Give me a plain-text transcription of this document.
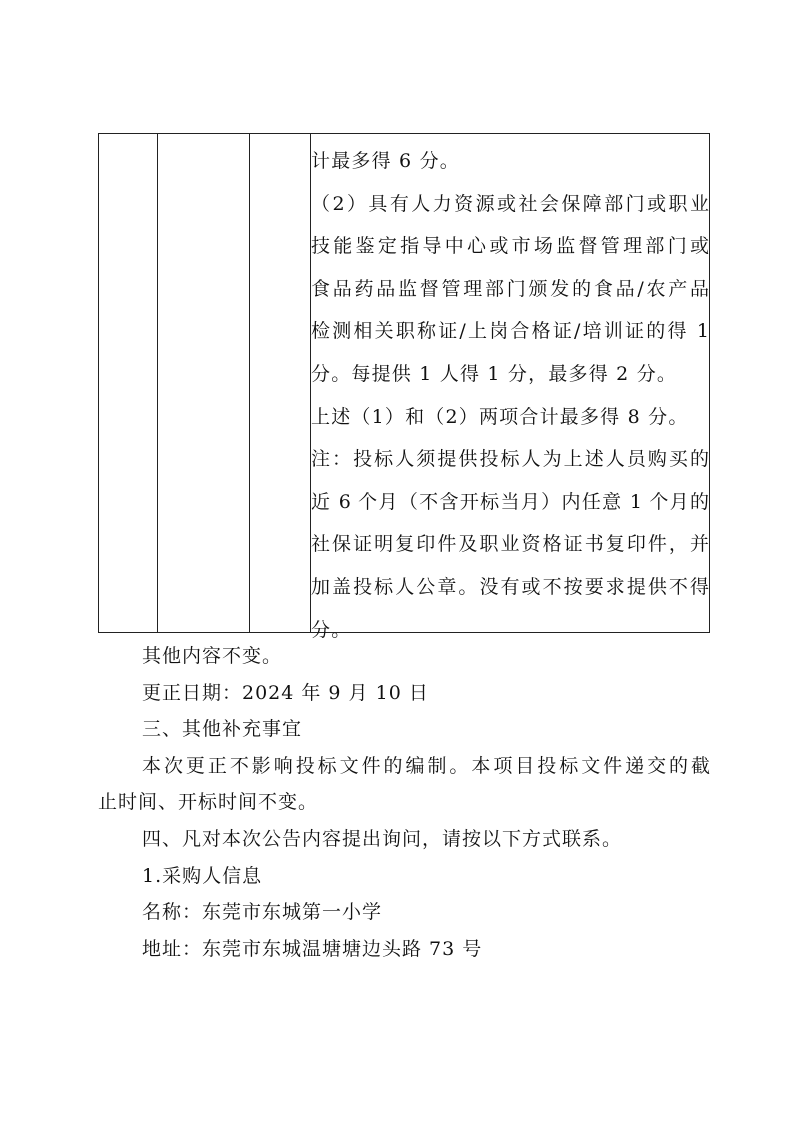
计最多得 6 分。
（2）具有人力资源或社会保障部门或职业
技能鉴定指导中心或市场监督管理部门或
食品药品监督管理部门颁发的食品/农产品
检测相关职称证/上岗合格证/培训证的得 1
分。每提供 1 人得 1 分，最多得 2 分。
上述（1）和（2）两项合计最多得 8 分。
注：投标人须提供投标人为上述人员购买的
近 6 个月（不含开标当月）内任意 1 个月的
社保证明复印件及职业资格证书复印件，并
加盖投标人公章。没有或不按要求提供不得
分。
其他内容不变。
更正日期：2024 年 9 月 10 日
三、其他补充事宜
本次更正不影响投标文件的编制。本项目投标文件递交的截
止时间、开标时间不变。
四、凡对本次公告内容提出询问，请按以下方式联系。
1.采购人信息
名称：东莞市东城第一小学
地址：东莞市东城温塘塘边头路 73 号
